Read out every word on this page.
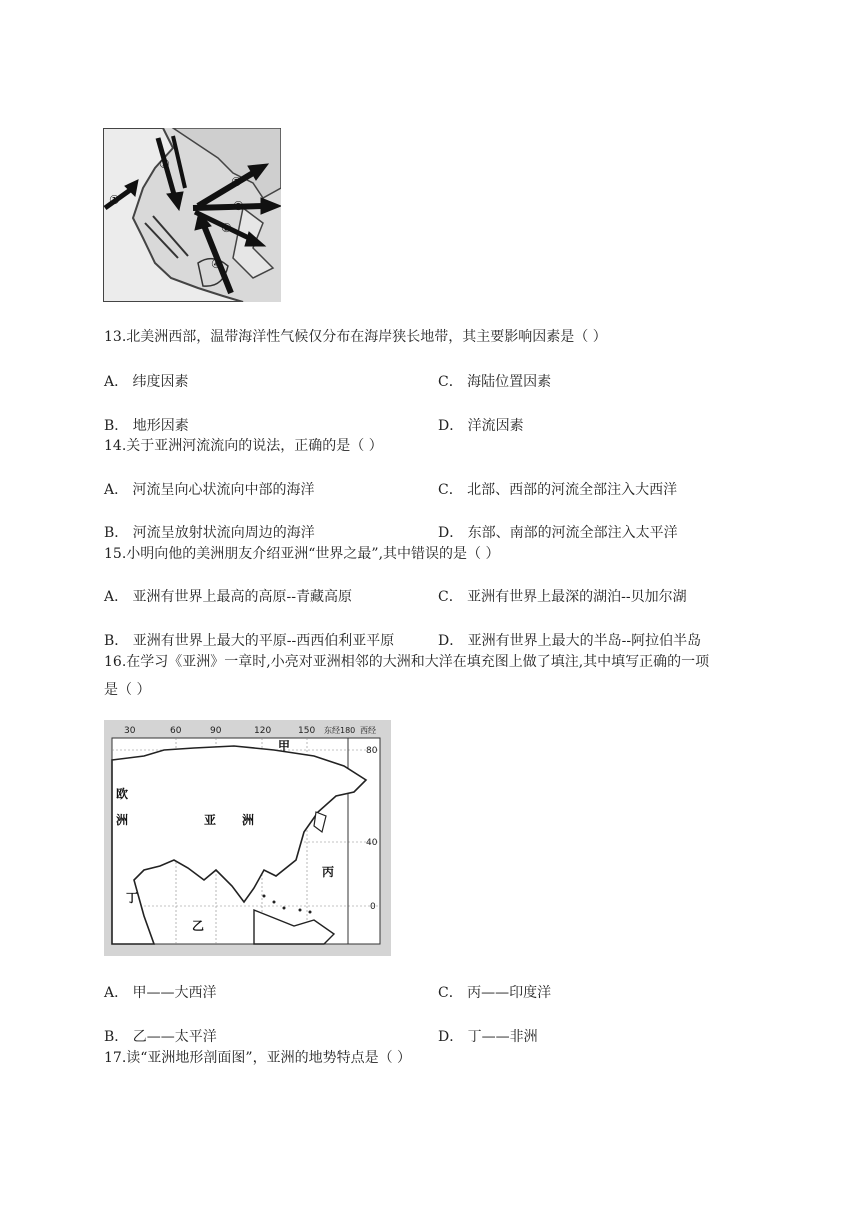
①
②
②
②
③
④
13.北美洲西部，温带海洋性气候仅分布在海岸狭长地带，其主要影响因素是（ ）
A． 纬度因素	C． 海陆位置因素
B． 地形因素	D． 洋流因素
14.关于亚洲河流流向的说法，正确的是（ ）
A． 河流呈向心状流向中部的海洋	C． 北部、西部的河流全部注入大西洋
B． 河流呈放射状流向周边的海洋	D． 东部、南部的河流全部注入太平洋
15.小明向他的美洲朋友介绍亚洲“世界之最”,其中错误的是（ ）
A． 亚洲有世界上最高的高原--青藏高原	C． 亚洲有世界上最深的湖泊--贝加尔湖
B． 亚洲有世界上最大的平原--西西伯利亚平原	D． 亚洲有世界上最大的半岛--阿拉伯半岛
16.在学习《亚洲》一章时,小亮对亚洲相邻的大洲和大洋在填充图上做了填注,其中填写正确的一项
是（ ）
30	60	90	120	150 东经180 西经
80
40
0
甲
欧
洲	亚 洲
丙
丁
乙
A． 甲——大西洋	C． 丙——印度洋
B． 乙——太平洋	D． 丁——非洲
17.读“亚洲地形剖面图”，亚洲的地势特点是（ ）
